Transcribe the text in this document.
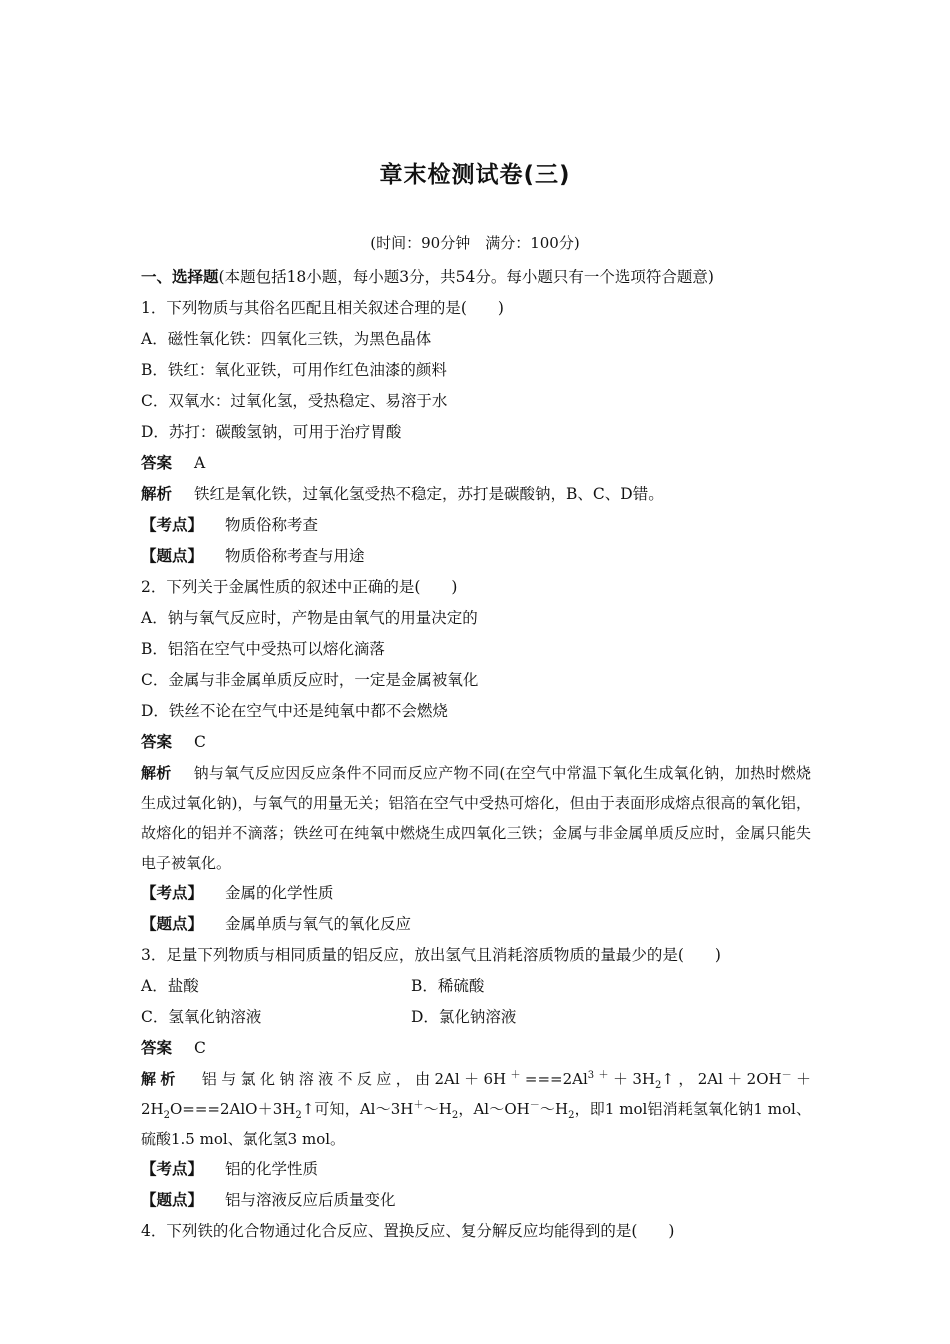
章末检测试卷(三)
(时间：90分钟　满分：100分)
一、选择题(本题包括18小题，每小题3分，共54分。每小题只有一个选项符合题意)
1．下列物质与其俗名匹配且相关叙述合理的是(　　)
A．磁性氧化铁：四氧化三铁，为黑色晶体
B．铁红：氧化亚铁，可用作红色油漆的颜料
C．双氧水：过氧化氢，受热稳定、易溶于水
D．苏打：碳酸氢钠，可用于治疗胃酸
答案 A
解析 铁红是氧化铁，过氧化氢受热不稳定，苏打是碳酸钠，B、C、D错。
【考点】 物质俗称考查
【题点】 物质俗称考查与用途
2．下列关于金属性质的叙述中正确的是(　　)
A．钠与氧气反应时，产物是由氧气的用量决定的
B．铝箔在空气中受热可以熔化滴落
C．金属与非金属单质反应时，一定是金属被氧化
D．铁丝不论在空气中还是纯氧中都不会燃烧
答案 C
解析 钠与氧气反应因反应条件不同而反应产物不同(在空气中常温下氧化生成氧化钠，加热时燃烧生成过氧化钠)，与氧气的用量无关；铝箔在空气中受热可熔化，但由于表面形成熔点很高的氧化铝，故熔化的铝并不滴落；铁丝可在纯氧中燃烧生成四氧化三铁；金属与非金属单质反应时，金属只能失电子被氧化。
【考点】 金属的化学性质
【题点】 金属单质与氧气的氧化反应
3．足量下列物质与相同质量的铝反应，放出氢气且消耗溶质物质的量最少的是(　　)
A．盐酸	B．稀硫酸
C．氢氧化钠溶液	D．氯化钠溶液
答案 C
解析 铝与氯化钠溶液不反应，由$2Al+6H^+===2Al^{3+}+3H_2↑$，$2Al+2OH^-+2H_2O===2AlO+3H_2↑$可知，$Al\sim 3H^+\sim H_2$，$Al\sim OH^-\sim H_2$，即1 mol铝消耗氢氧化钠1 mol、硫酸1.5 mol、氯化氢3 mol。
【考点】 铝的化学性质
【题点】 铝与溶液反应后质量变化
4．下列铁的化合物通过化合反应、置换反应、复分解反应均能得到的是(　　)
